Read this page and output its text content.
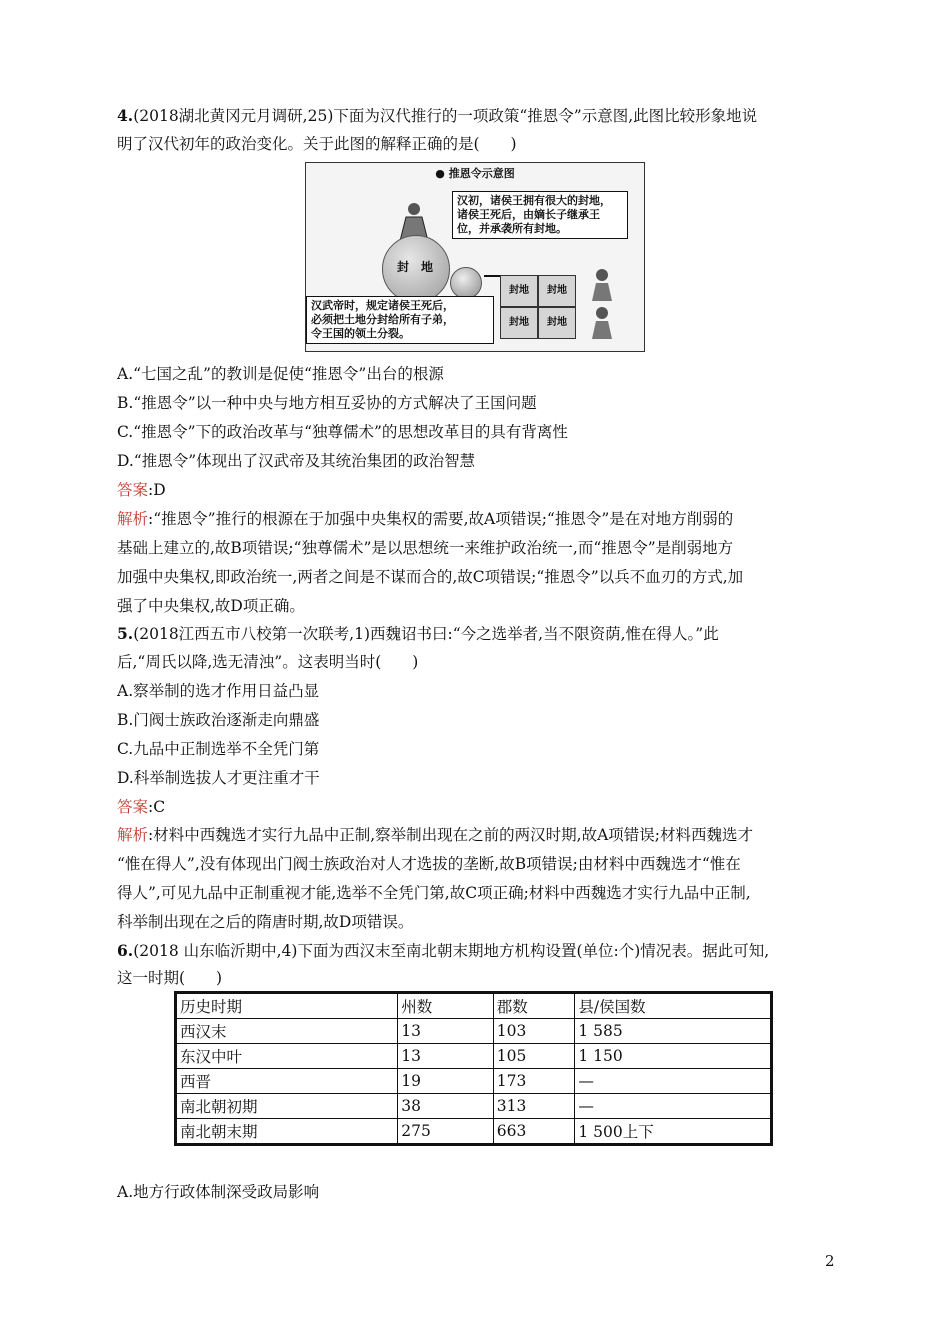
4.(2018湖北黄冈元月调研,25)下面为汉代推行的一项政策“推恩令”示意图,此图比较形象地说
明了汉代初年的政治变化。关于此图的解释正确的是(　　)
● 推恩令示意图
汉初，诸侯王拥有很大的封地，
诸侯王死后，由嫡长子继承王
位，并承袭所有封地。
封 地
封地	封地
封地	封地
汉武帝时，规定诸侯王死后，
必须把土地分封给所有子弟，
令王国的领土分裂。
A.“七国之乱”的教训是促使“推恩令”出台的根源
B.“推恩令”以一种中央与地方相互妥协的方式解决了王国问题
C.“推恩令”下的政治改革与“独尊儒术”的思想改革目的具有背离性
D.“推恩令”体现出了汉武帝及其统治集团的政治智慧
答案:D
解析:“推恩令”推行的根源在于加强中央集权的需要,故A项错误;“推恩令”是在对地方削弱的
基础上建立的,故B项错误;“独尊儒术”是以思想统一来维护政治统一,而“推恩令”是削弱地方
加强中央集权,即政治统一,两者之间是不谋而合的,故C项错误;“推恩令”以兵不血刃的方式,加
强了中央集权,故D项正确。
5.(2018江西五市八校第一次联考,1)西魏诏书曰:“今之选举者,当不限资荫,惟在得人。”此
后,“周氏以降,选无清浊”。这表明当时(　　)
A.察举制的选才作用日益凸显
B.门阀士族政治逐渐走向鼎盛
C.九品中正制选举不全凭门第
D.科举制选拔人才更注重才干
答案:C
解析:材料中西魏选才实行九品中正制,察举制出现在之前的两汉时期,故A项错误;材料西魏选才
“惟在得人”,没有体现出门阀士族政治对人才选拔的垄断,故B项错误;由材料中西魏选才“惟在
得人”,可见九品中正制重视才能,选举不全凭门第,故C项正确;材料中西魏选才实行九品中正制,
科举制出现在之后的隋唐时期,故D项错误。
6.(2018 山东临沂期中,4)下面为西汉末至南北朝末期地方机构设置(单位:个)情况表。据此可知,
这一时期(　　)
历史时期	州数	郡数	县/侯国数
西汉末	13	103	1 585
东汉中叶	13	105	1 150
西晋	19	173	—
南北朝初期	38	313	—
南北朝末期	275	663	1 500上下
A.地方行政体制深受政局影响
2
